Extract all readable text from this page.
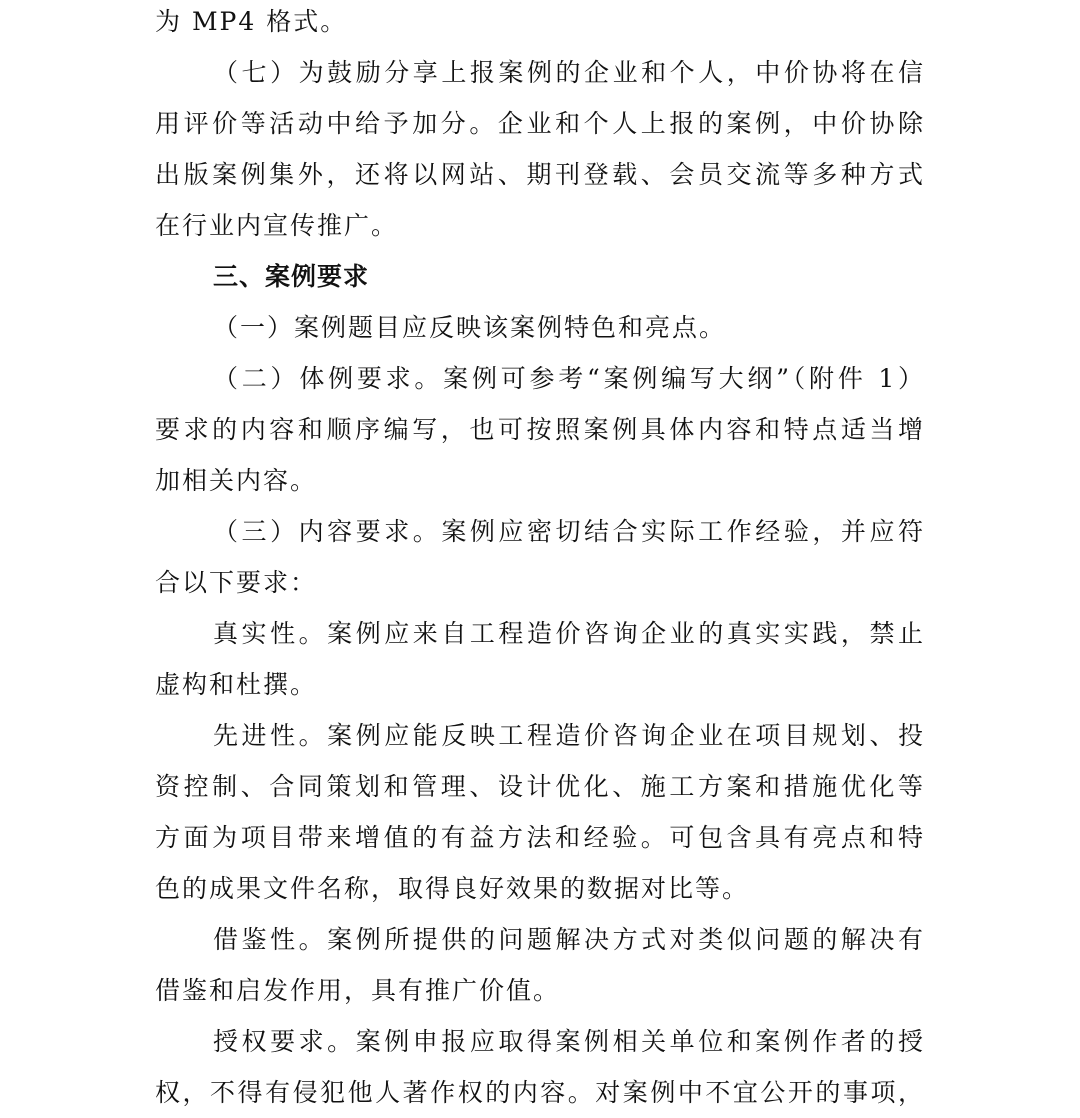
为 MP4 格式。
（七）为鼓励分享上报案例的企业和个人，中价协将在信
用评价等活动中给予加分。企业和个人上报的案例，中价协除
出版案例集外，还将以网站、期刊登载、会员交流等多种方式
在行业内宣传推广。
三、案例要求
（一）案例题目应反映该案例特色和亮点。
（二）体例要求。案例可参考“案例编写大纲”（附件 1）
要求的内容和顺序编写，也可按照案例具体内容和特点适当增
加相关内容。
（三）内容要求。案例应密切结合实际工作经验，并应符
合以下要求：
真实性。案例应来自工程造价咨询企业的真实实践，禁止
虚构和杜撰。
先进性。案例应能反映工程造价咨询企业在项目规划、投
资控制、合同策划和管理、设计优化、施工方案和措施优化等
方面为项目带来增值的有益方法和经验。可包含具有亮点和特
色的成果文件名称，取得良好效果的数据对比等。
借鉴性。案例所提供的问题解决方式对类似问题的解决有
借鉴和启发作用，具有推广价值。
授权要求。案例申报应取得案例相关单位和案例作者的授
权，不得有侵犯他人著作权的内容。对案例中不宜公开的事项，
